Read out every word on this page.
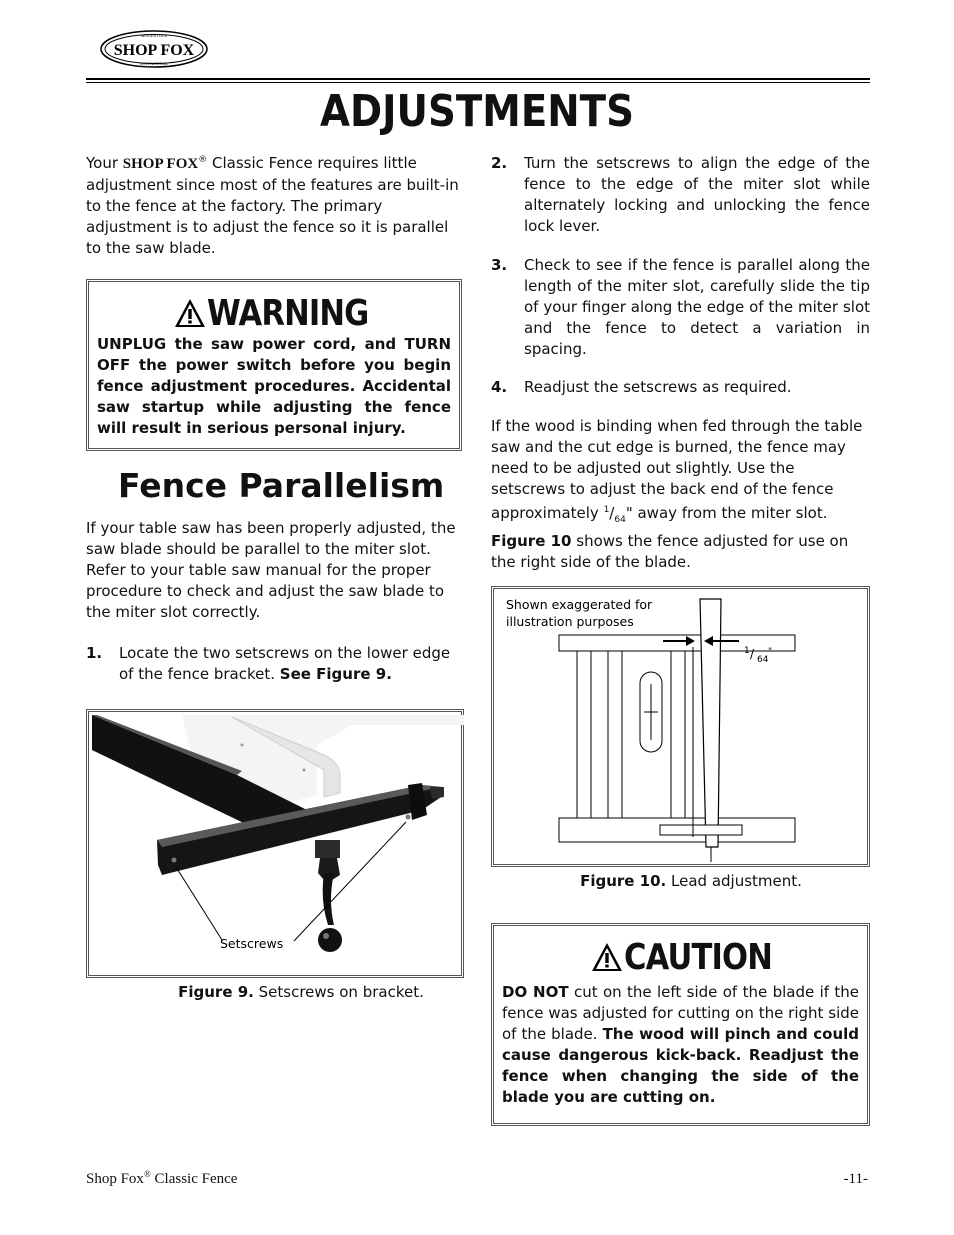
WOODSTOCK
SHOP FOX
INTERNATIONAL
ADJUSTMENTS
Your SHOP FOX® Classic Fence requires little adjustment since most of the features are built-in to the fence at the factory. The primary adjustment is to adjust the fence so it is parallel to the saw blade.
WARNING
UNPLUG the saw power cord, and TURN OFF the power switch before you begin fence adjustment procedures. Accidental saw startup while adjusting the fence will result in serious personal injury.
Fence Parallelism
If your table saw has been properly adjusted, the saw blade should be parallel to the miter slot. Refer to your table saw manual for the proper procedure to check and adjust the saw blade to the miter slot correctly.
1.	Locate the two setscrews on the lower edge of the fence bracket. See Figure 9.
Setscrews
Figure 9. Setscrews on bracket.
2.	Turn the setscrews to align the edge of the fence to the edge of the miter slot while alternately locking and unlocking the fence lock lever.
3.	Check to see if the fence is parallel along the length of the miter slot, carefully slide the tip of your finger along the edge of the miter slot and the fence to detect a variation in spacing.
4.	Readjust the setscrews as required.
If the wood is binding when fed through the table saw and the cut edge is burned, the fence may need to be adjusted out slightly. Use the setscrews to adjust the back end of the fence approximately $^1/_{64}$" away from the miter slot. Figure 10 shows the fence adjusted for use on the right side of the blade.
Shown exaggerated for
illustration purposes
1 / 64
"
Figure 10. Lead adjustment.
CAUTION
DO NOT cut on the left side of the blade if the fence was adjusted for cutting on the right side of the blade. The wood will pinch and could cause dangerous kick-back. Readjust the fence when changing the side of the blade you are cutting on.
Shop Fox® Classic Fence	-11-
